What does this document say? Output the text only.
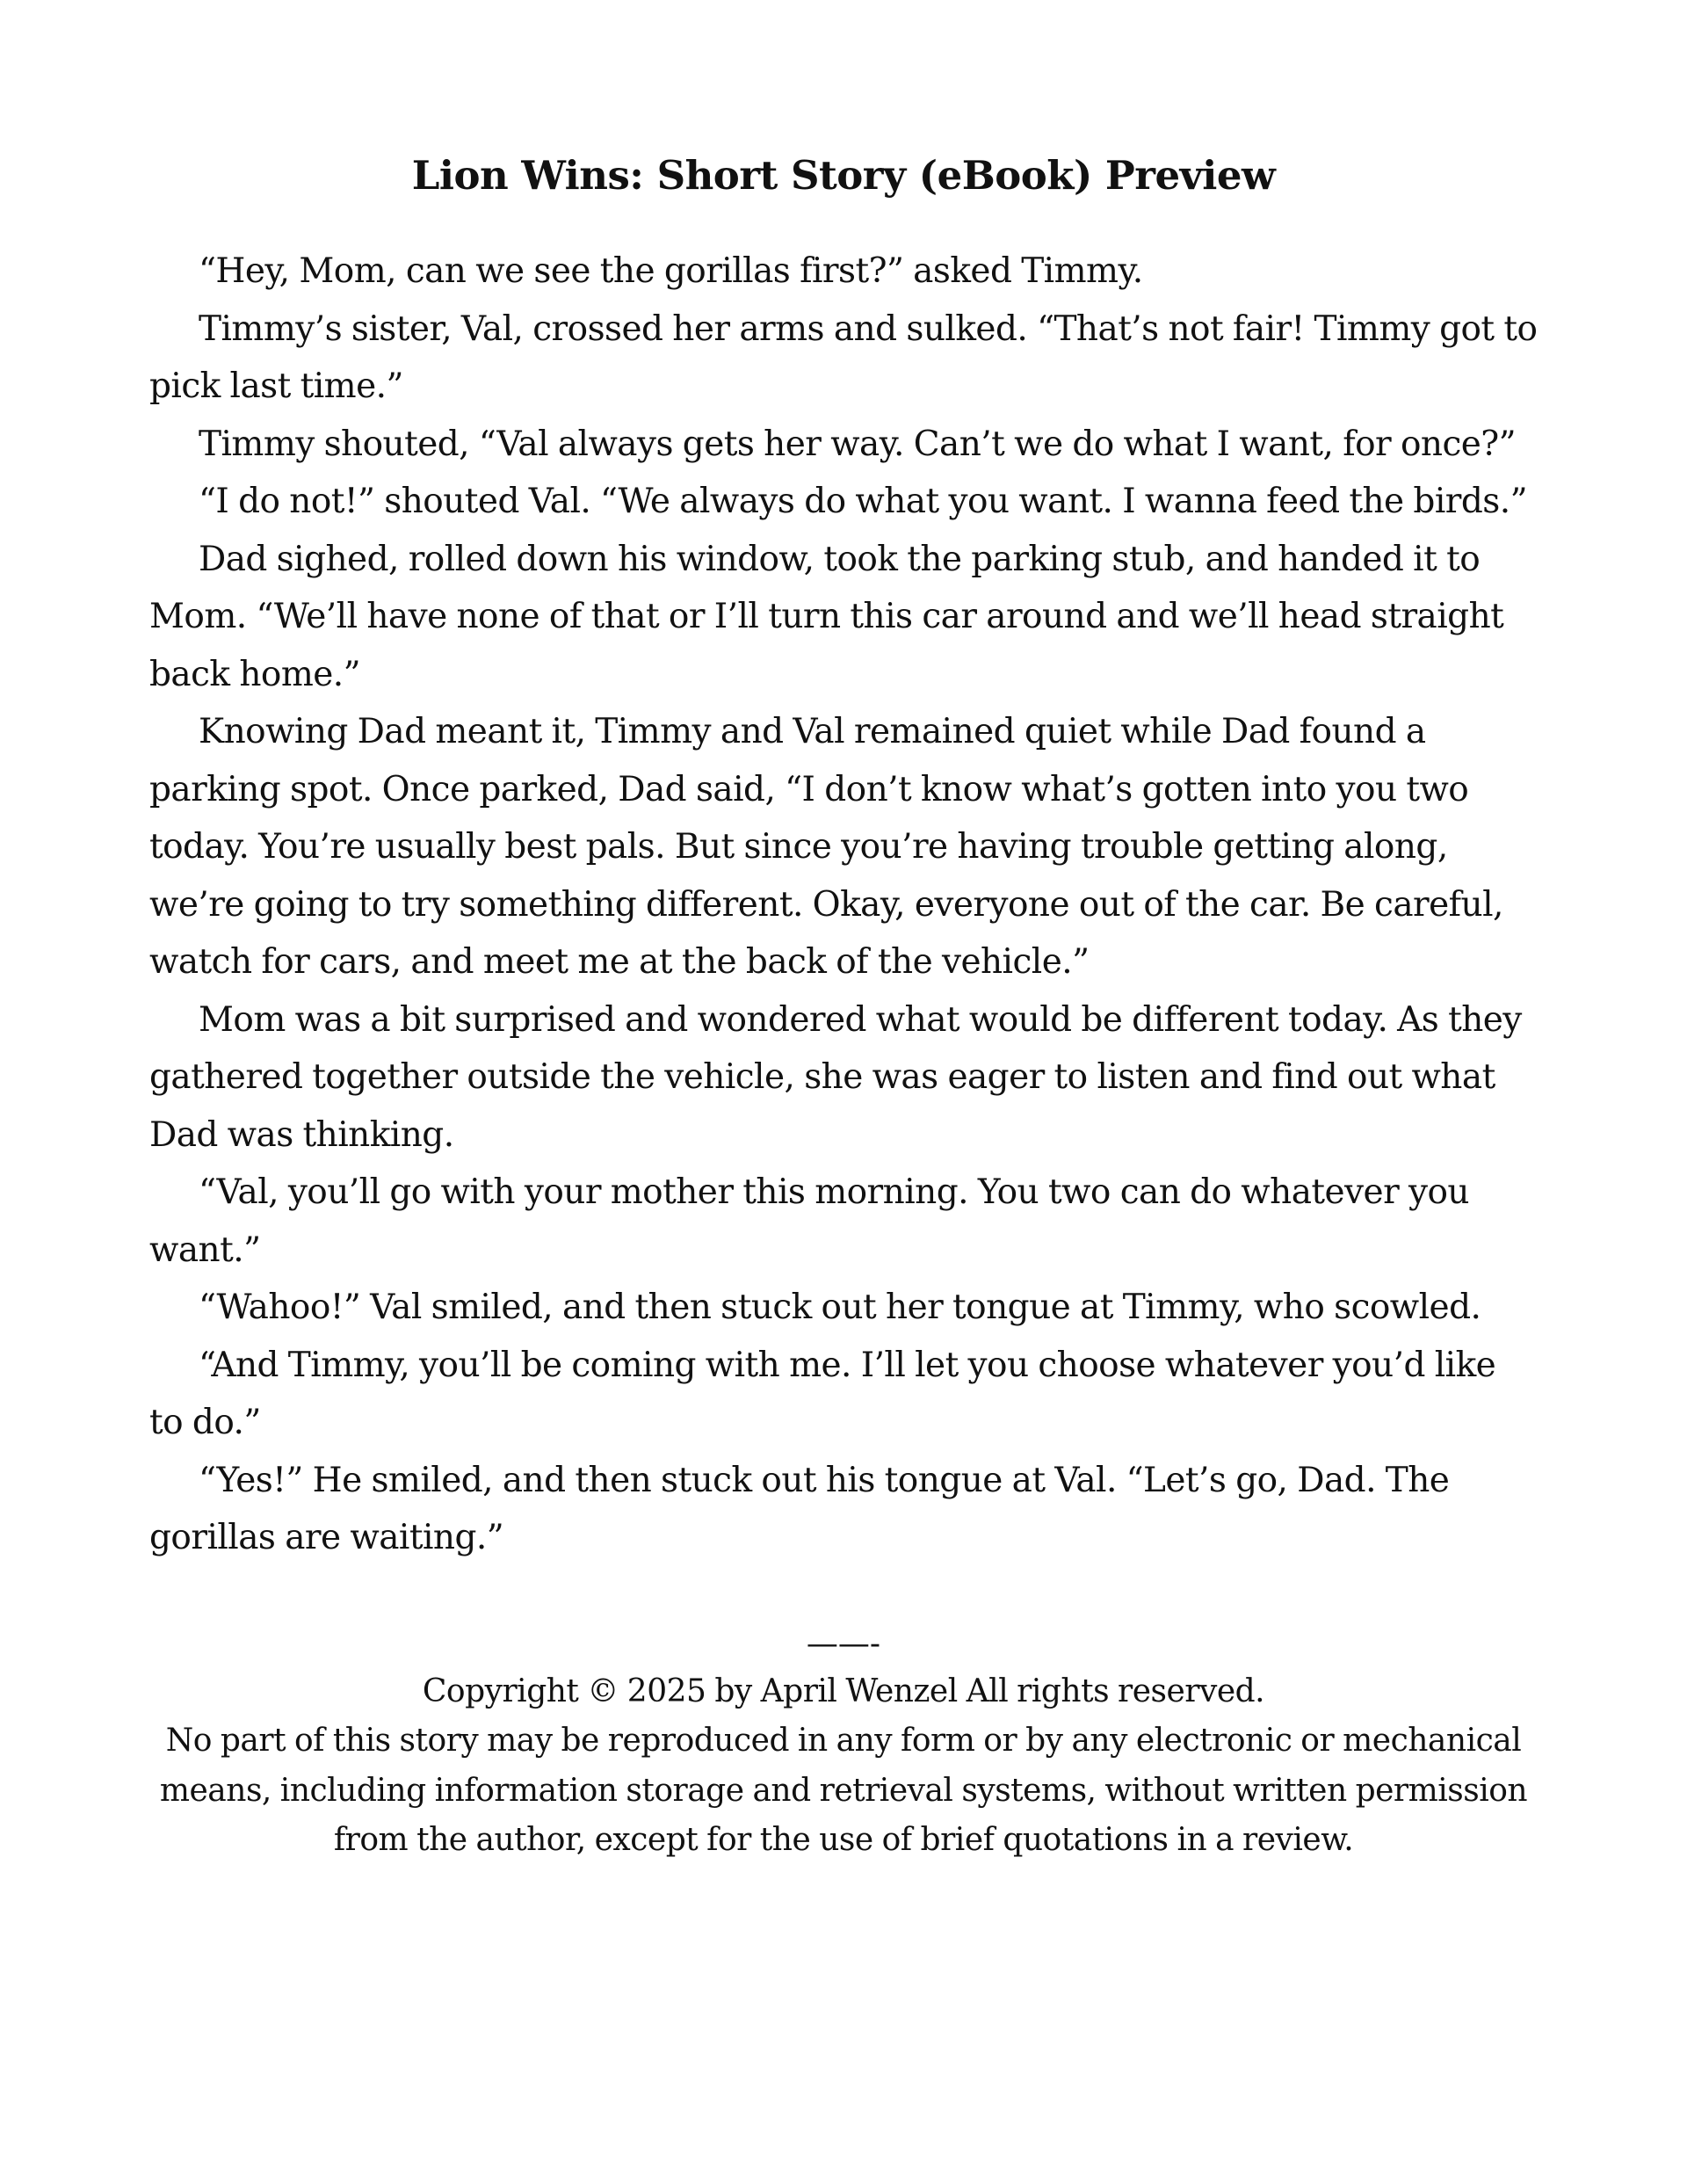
Lion Wins: Short Story (eBook) Preview

“Hey, Mom, can we see the gorillas first?” asked Timmy.

Timmy’s sister, Val, crossed her arms and sulked. “That’s not fair! Timmy got to pick last time.”

Timmy shouted, “Val always gets her way. Can’t we do what I want, for once?”

“I do not!” shouted Val. “We always do what you want. I wanna feed the birds.”

Dad sighed, rolled down his window, took the parking stub, and handed it to Mom. “We’ll have none of that or I’ll turn this car around and we’ll head straight back home.”

Knowing Dad meant it, Timmy and Val remained quiet while Dad found a parking spot. Once parked, Dad said, “I don’t know what’s gotten into you two today. You’re usually best pals. But since you’re having trouble getting along, we’re going to try something different. Okay, everyone out of the car. Be careful, watch for cars, and meet me at the back of the vehicle.”

Mom was a bit surprised and wondered what would be different today. As they gathered together outside the vehicle, she was eager to listen and find out what Dad was thinking.

“Val, you’ll go with your mother this morning. You two can do whatever you want.”

“Wahoo!” Val smiled, and then stuck out her tongue at Timmy, who scowled.

“And Timmy, you’ll be coming with me. I’ll let you choose whatever you’d like to do.”

“Yes!” He smiled, and then stuck out his tongue at Val. “Let’s go, Dad. The gorillas are waiting.”

——-

Copyright © 2025 by April Wenzel All rights reserved.

No part of this story may be reproduced in any form or by any electronic or mechanical means, including information storage and retrieval systems, without written permission from the author, except for the use of brief quotations in a review.
